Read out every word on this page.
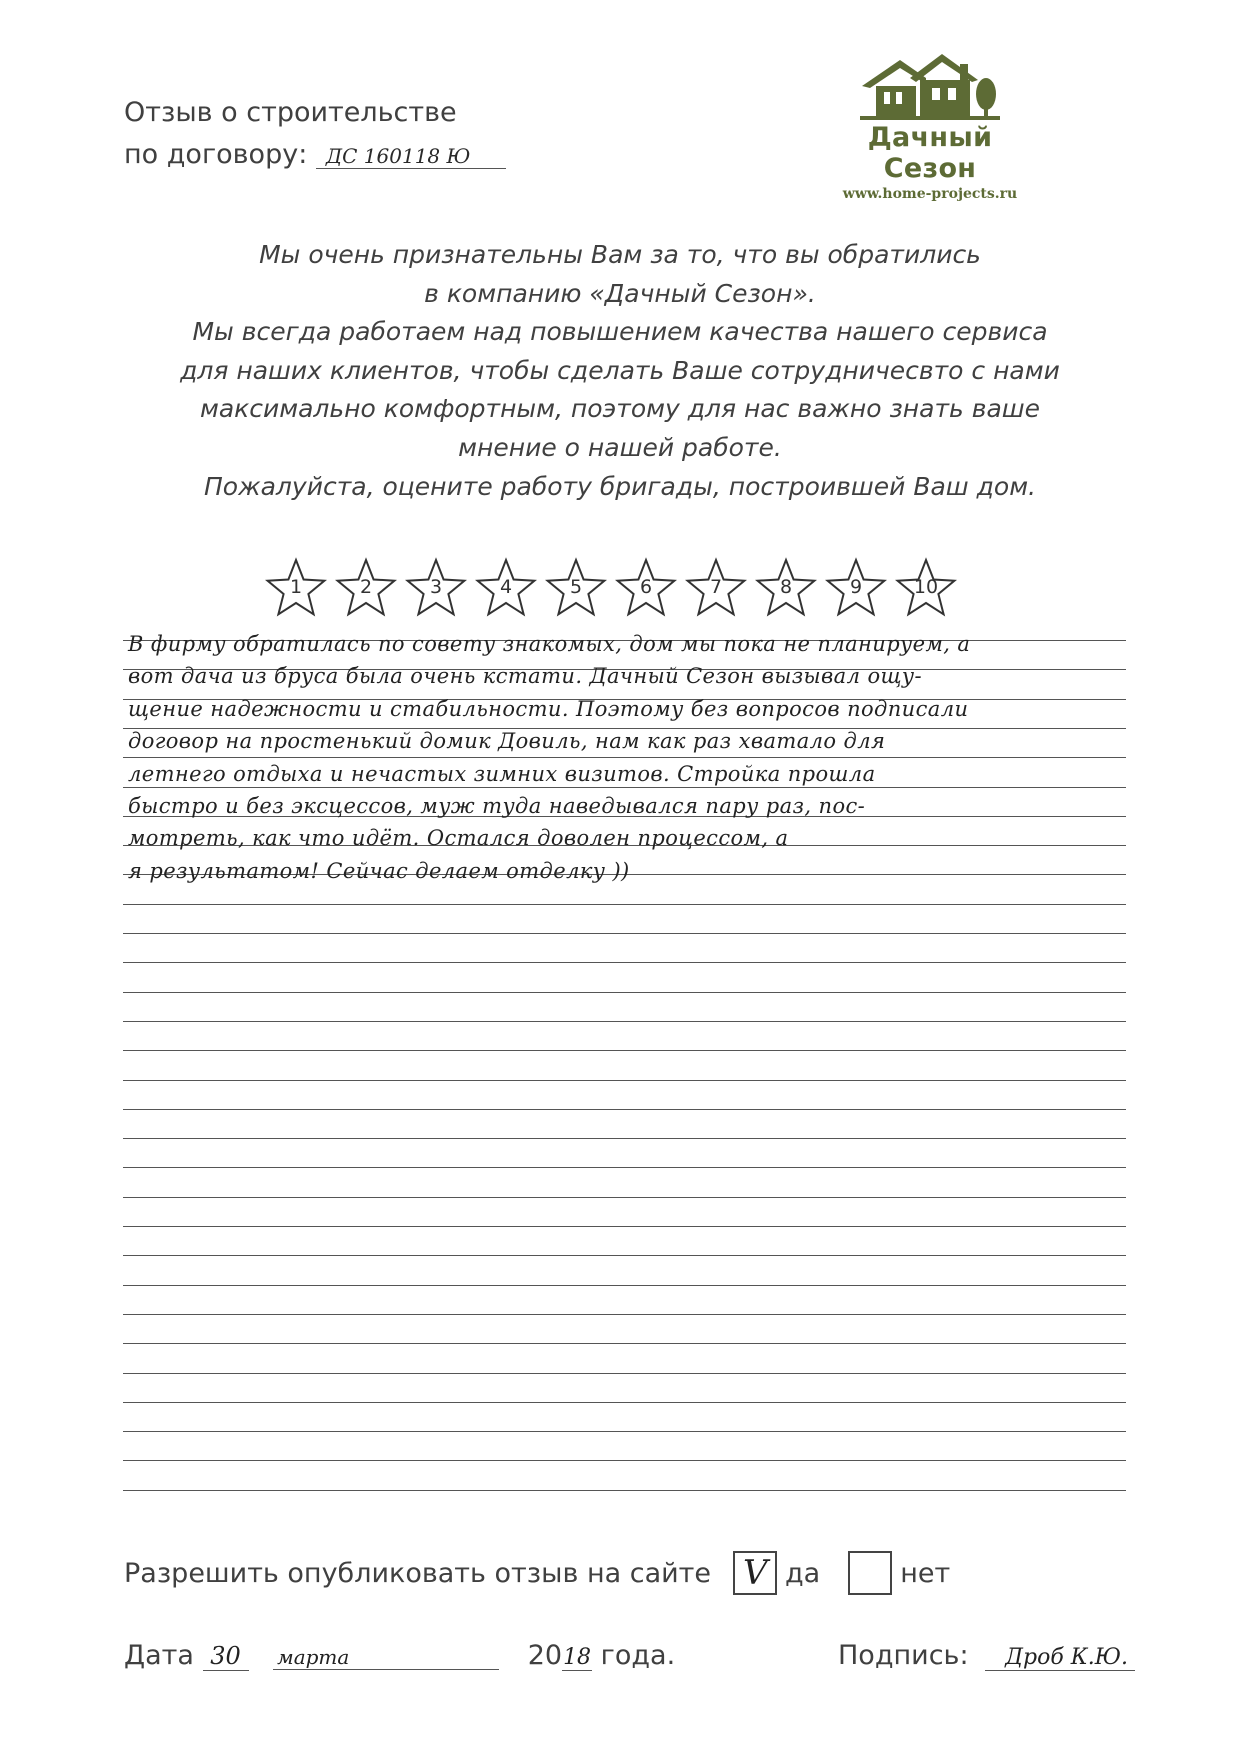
Отзыв о строительстве
по договору: ДС 160118 Ю
Дачный Сезон
www.home-projects.ru

Мы очень признательны Вам за то, что вы обратились

в компанию «Дачный Сезон».

Мы всегда работаем над повышением качества нашего сервиса

для наших клиентов, чтобы сделать Ваше сотрудничесвто с нами

максимально комфортным, поэтому для нас важно знать ваше

мнение о нашей работе.

Пожалуйста, оцените работу бригады, построившей Ваш дом.

1	2	3	4	5	6	7	8	9	10
В фирму обратилась по совету знакомых, дом мы пока не планируем, а
вот дача из бруса была очень кстати. Дачный Сезон вызывал ощу-
щение надежности и стабильности. Поэтому без вопросов подписали
договор на простенький домик Довиль, нам как раз хватало для
летнего отдыха и нечастых зимних визитов. Стройка прошла
быстро и без эксцессов, муж туда наведывался пару раз, пос-
мотреть, как что идёт. Остался доволен процессом, а
я результатом! Сейчас делаем отделку ))
Разрешить опубликовать отзыв на сайте V да	нет
Дата 30 марта	2018 года.	Подпись: Дроб К.Ю.
